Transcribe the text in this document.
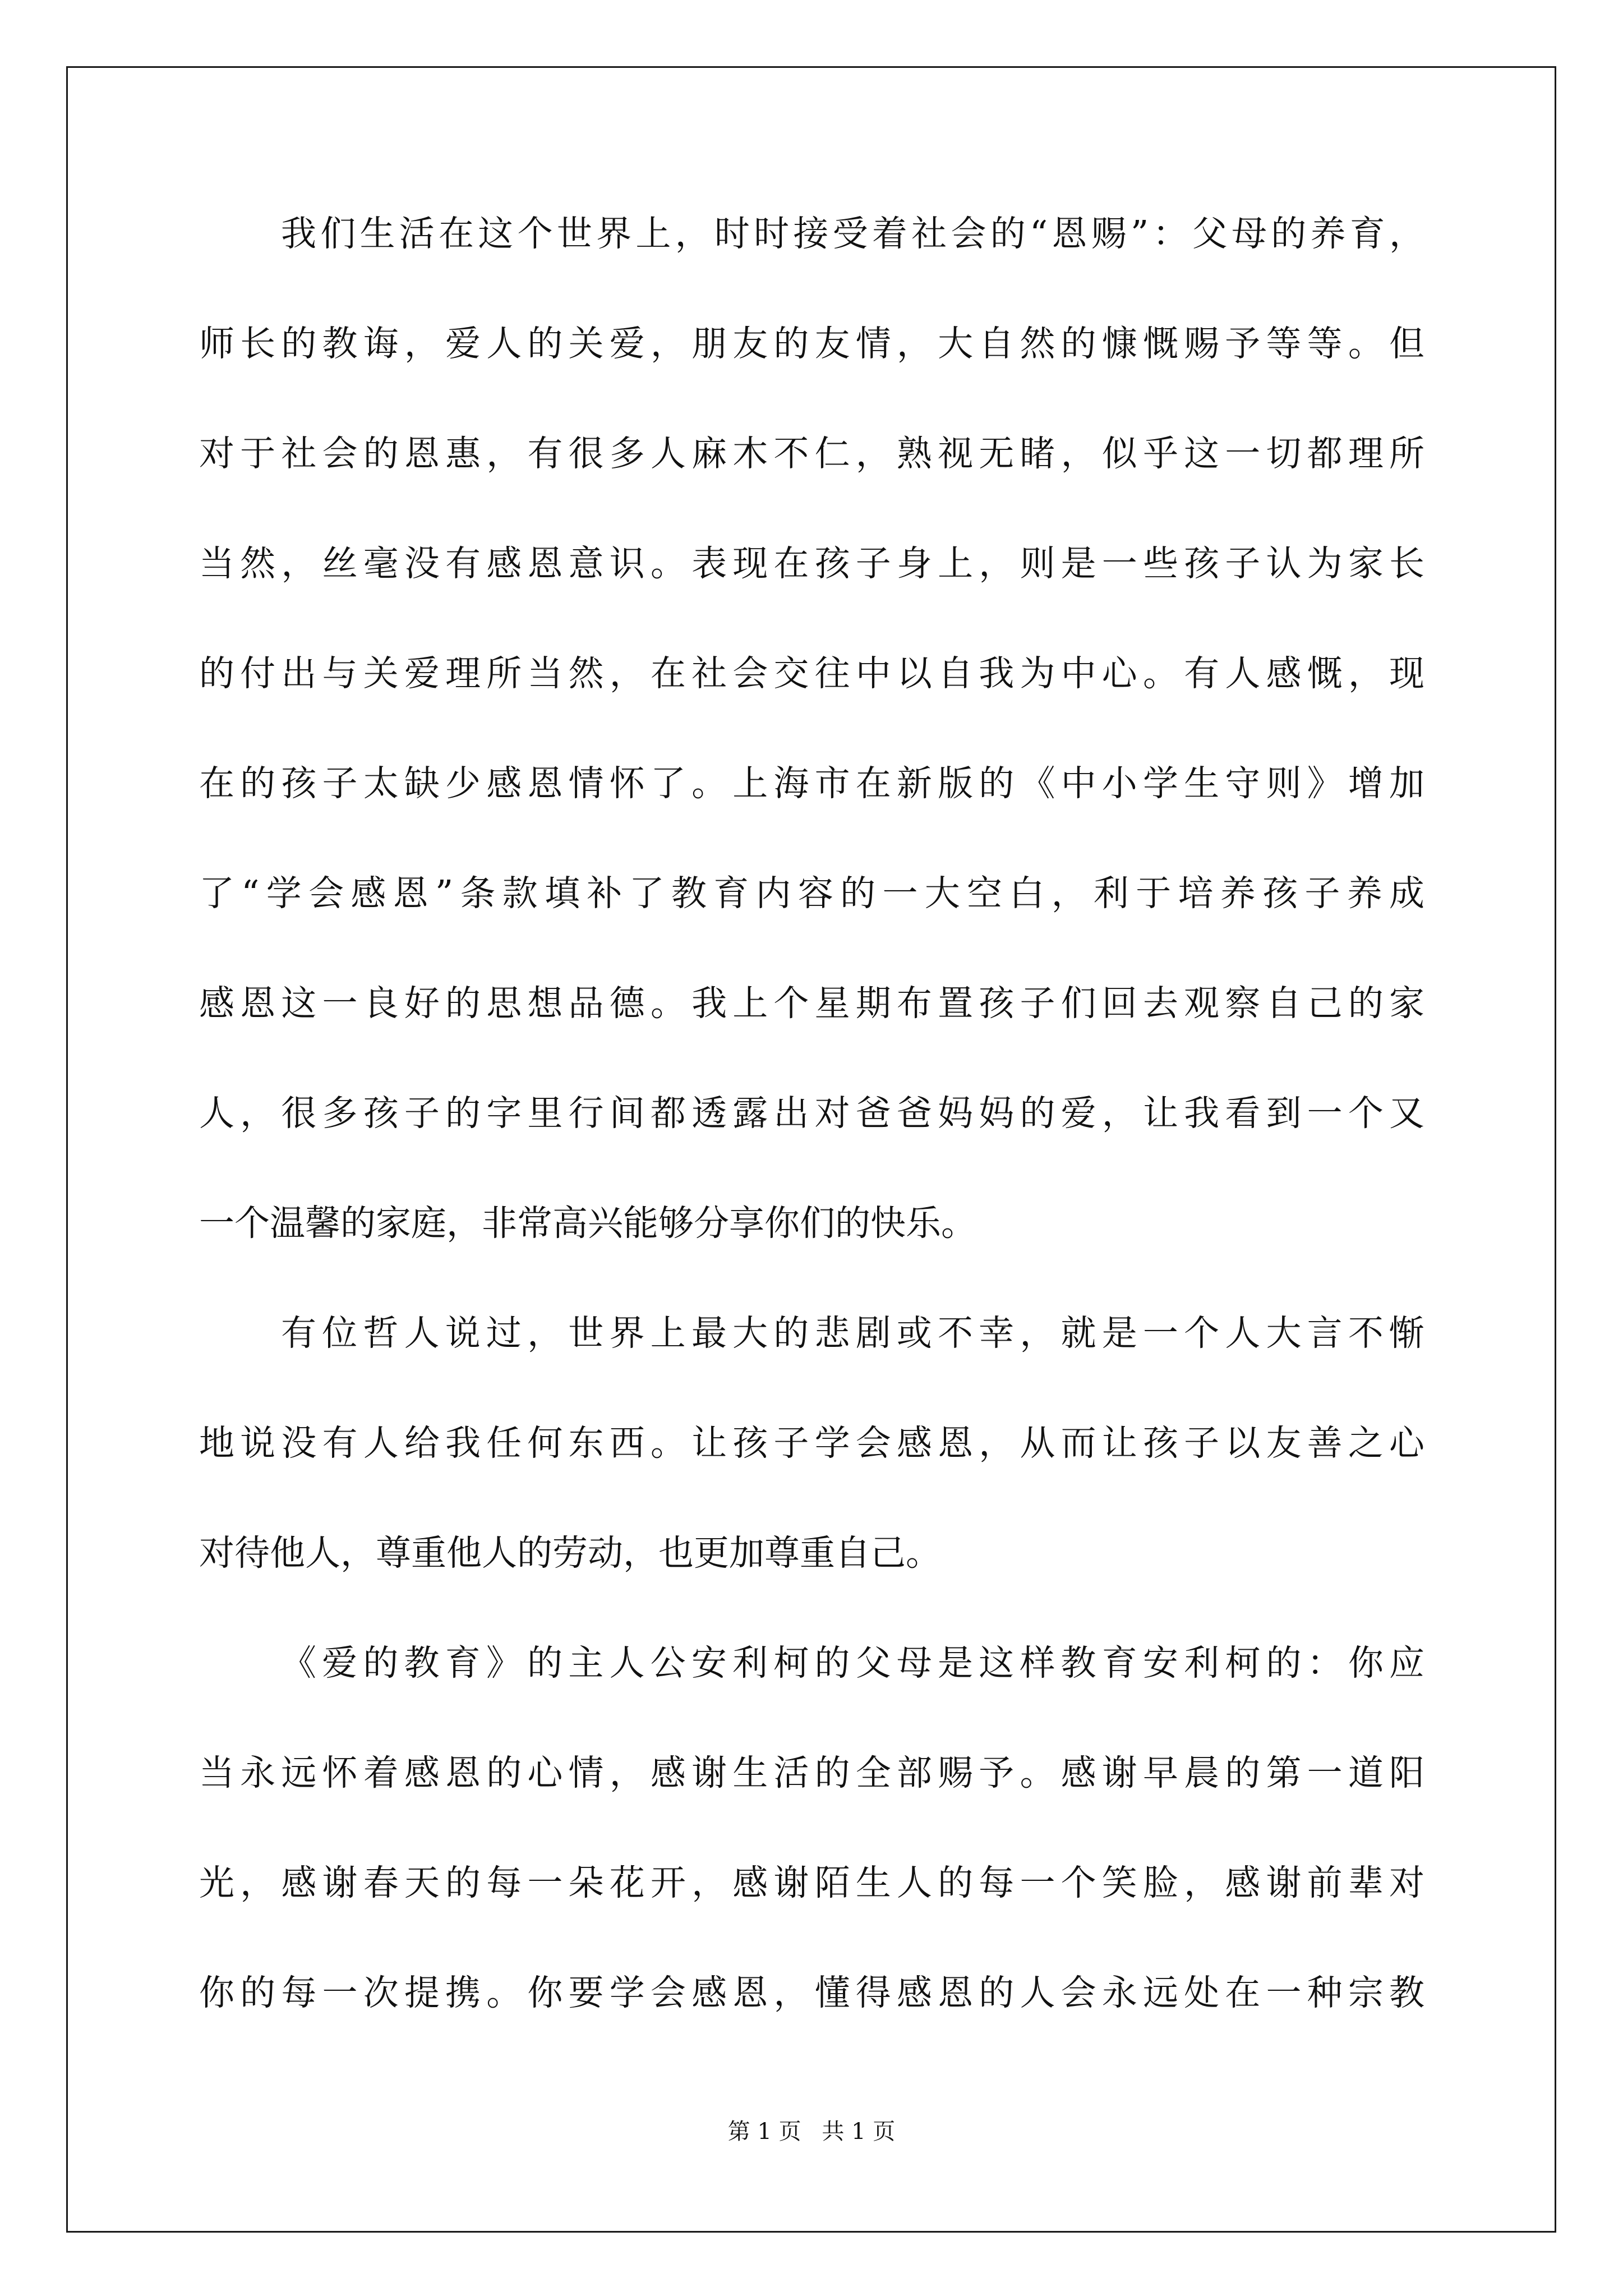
我们生活在这个世界上，时时接受着社会的“恩赐”：父母的养育，
师长的教诲，爱人的关爱，朋友的友情，大自然的慷慨赐予等等。但
对于社会的恩惠，有很多人麻木不仁，熟视无睹，似乎这一切都理所
当然，丝毫没有感恩意识。表现在孩子身上，则是一些孩子认为家长
的付出与关爱理所当然，在社会交往中以自我为中心。有人感慨，现
在的孩子太缺少感恩情怀了。上海市在新版的《中小学生守则》增加
了“学会感恩”条款填补了教育内容的一大空白，利于培养孩子养成
感恩这一良好的思想品德。我上个星期布置孩子们回去观察自己的家
人，很多孩子的字里行间都透露出对爸爸妈妈的爱，让我看到一个又
一个温馨的家庭，非常高兴能够分享你们的快乐。
有位哲人说过，世界上最大的悲剧或不幸，就是一个人大言不惭
地说没有人给我任何东西。让孩子学会感恩，从而让孩子以友善之心
对待他人，尊重他人的劳动，也更加尊重自己。
《爱的教育》的主人公安利柯的父母是这样教育安利柯的：你应
当永远怀着感恩的心情，感谢生活的全部赐予。感谢早晨的第一道阳
光，感谢春天的每一朵花开，感谢陌生人的每一个笑脸，感谢前辈对
你的每一次提携。你要学会感恩，懂得感恩的人会永远处在一种宗教
第 1 页 共 1 页
